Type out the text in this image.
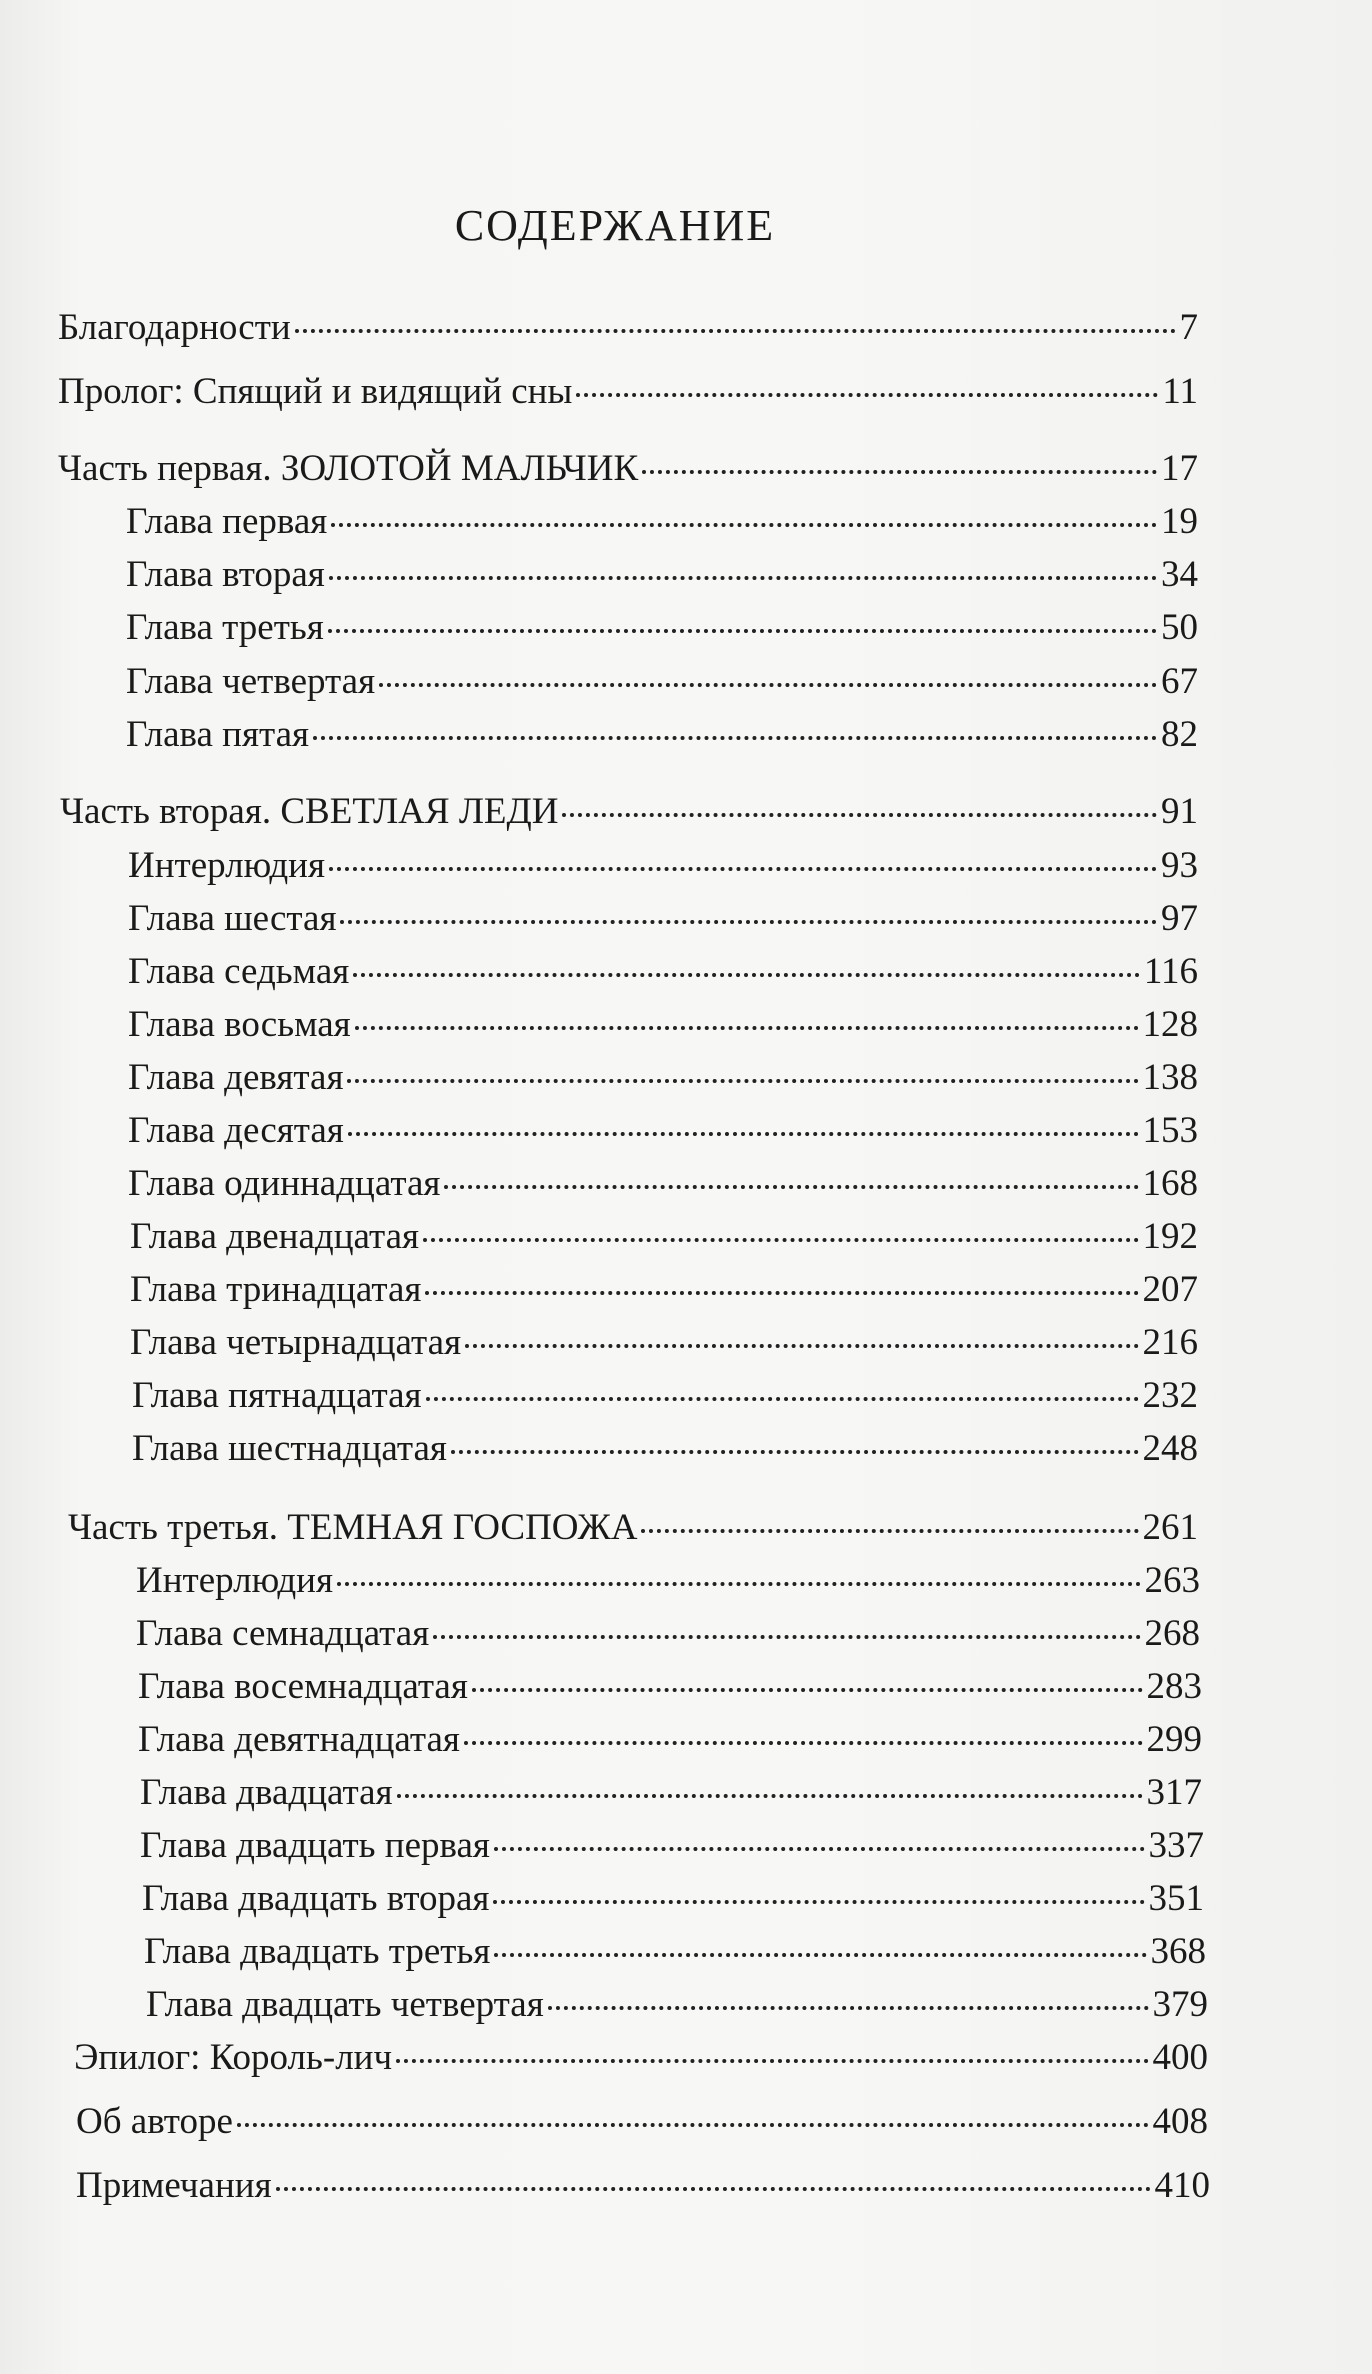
СОДЕРЖАНИЕ
Благодарности	7
Пролог: Спящий и видящий сны	11
Часть первая. ЗОЛОТОЙ МАЛЬЧИК	17
Глава первая	19
Глава вторая	34
Глава третья	50
Глава четвертая	67
Глава пятая	82
Часть вторая. СВЕТЛАЯ ЛЕДИ	91
Интерлюдия	93
Глава шестая	97
Глава седьмая	116
Глава восьмая	128
Глава девятая	138
Глава десятая	153
Глава одиннадцатая	168
Глава двенадцатая	192
Глава тринадцатая	207
Глава четырнадцатая	216
Глава пятнадцатая	232
Глава шестнадцатая	248
Часть третья. ТЕМНАЯ ГОСПОЖА	261
Интерлюдия	263
Глава семнадцатая	268
Глава восемнадцатая	283
Глава девятнадцатая	299
Глава двадцатая	317
Глава двадцать первая	337
Глава двадцать вторая	351
Глава двадцать третья	368
Глава двадцать четвертая	379
Эпилог: Король-лич	400
Об авторе	408
Примечания	410
